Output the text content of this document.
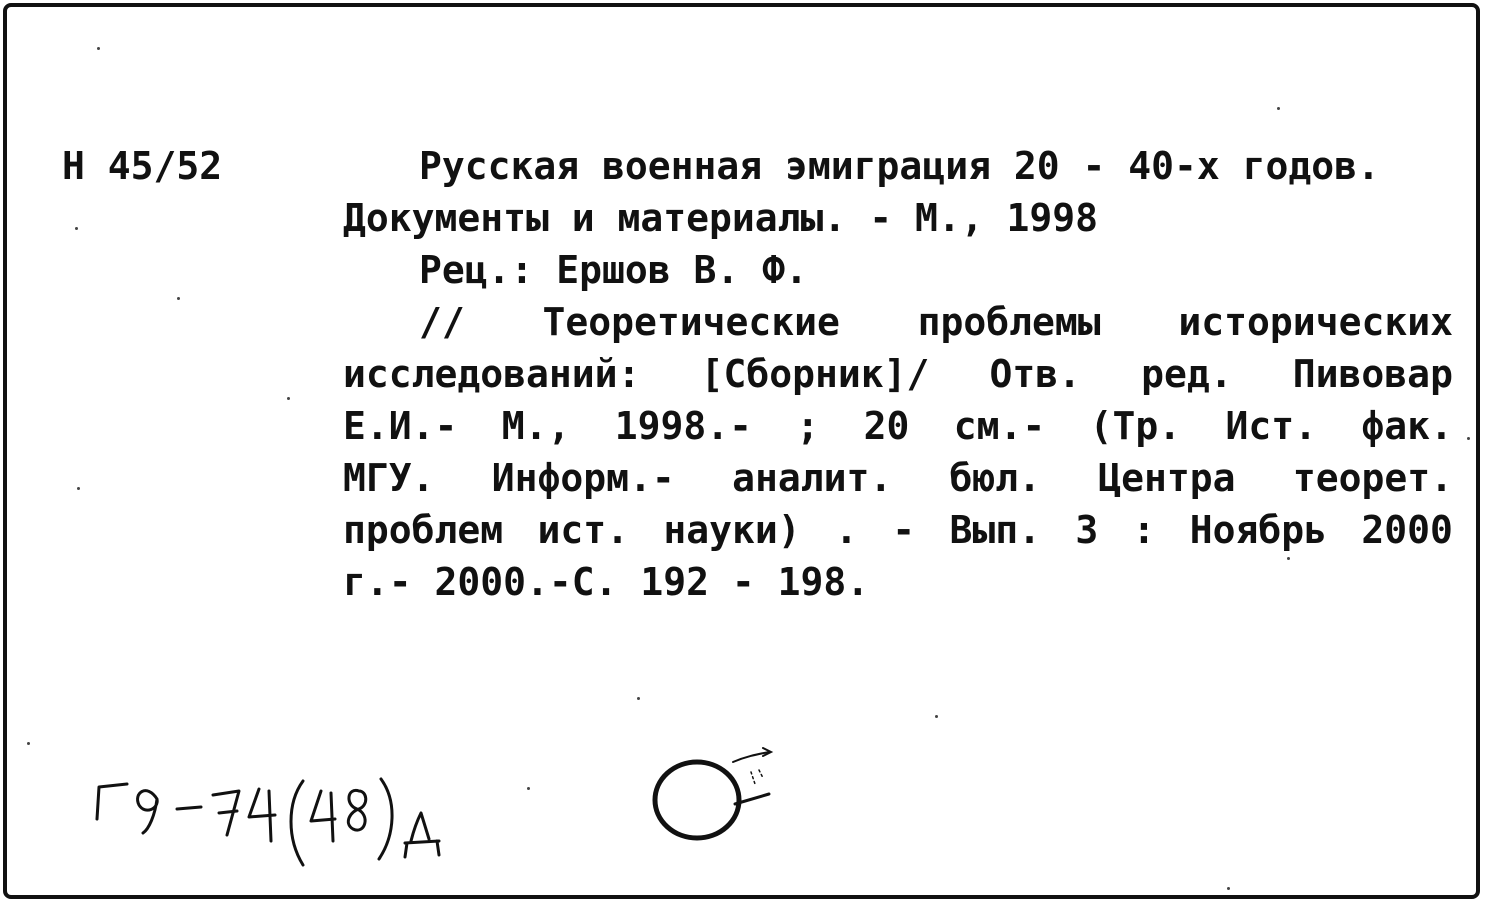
Н 45/52	Русская военная эмиграция 20 - 40-х годов.
Документы и материалы. - М., 1998
Рец.: Ершов В. Ф.
// Теоретические проблемы исторических
исследований: [Сборник]/ Отв. ред. Пивовар
Е.И.- М., 1998.- ; 20 см.- (Тр. Ист. фак.
МГУ. Информ.- аналит. бюл. Центра теорет.
проблем ист. науки) . - Вып. 3 : Ноябрь 2000
г.- 2000.-С. 192 - 198.
